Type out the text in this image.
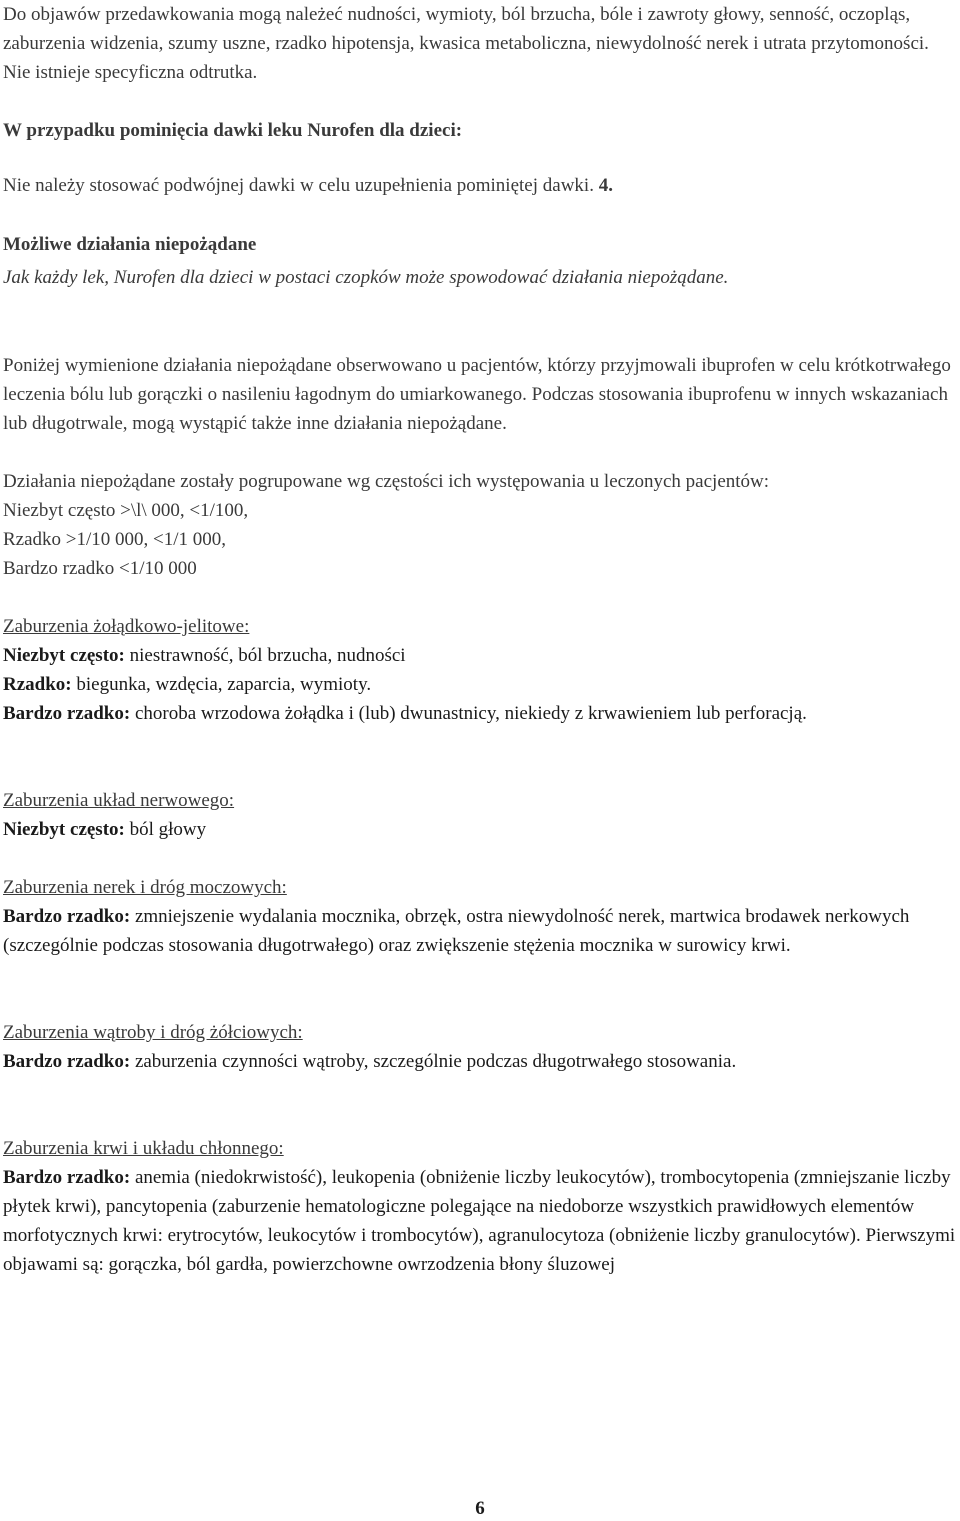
Do objawów przedawkowania mogą należeć nudności, wymioty, ból brzucha, bóle i zawroty głowy, senność, oczopląs, zaburzenia widzenia, szumy uszne, rzadko hipotensja, kwasica metaboliczna, niewydolność nerek i utrata przytomoności. Nie istnieje specyficzna odtrutka.

W przypadku pominięcia dawki leku Nurofen dla dzieci:

Nie należy stosować podwójnej dawki w celu uzupełnienia pominiętej dawki. 4.

Możliwe działania niepożądane

Jak każdy lek, Nurofen dla dzieci w postaci czopków może spowodować działania niepożądane.

Poniżej wymienione działania niepożądane obserwowano u pacjentów, którzy przyjmowali ibuprofen w celu krótkotrwałego leczenia bólu lub gorączki o nasileniu łagodnym do umiarkowanego. Podczas stosowania ibuprofenu w innych wskazaniach lub długotrwale, mogą wystąpić także inne działania niepożądane.

Działania niepożądane zostały pogrupowane wg częstości ich występowania u leczonych pacjentów:

Niezbyt często >\l\ 000, <1/100,

Rzadko >1/10 000, <1/1 000,

Bardzo rzadko <1/10 000

Zaburzenia żołądkowo-jelitowe:

Niezbyt często: niestrawność, ból brzucha, nudności

Rzadko: biegunka, wzdęcia, zaparcia, wymioty.

Bardzo rzadko: choroba wrzodowa żołądka i (lub) dwunastnicy, niekiedy z krwawieniem lub perforacją.

Zaburzenia układ nerwowego:

Niezbyt często: ból głowy

Zaburzenia nerek i dróg moczowych:

Bardzo rzadko: zmniejszenie wydalania mocznika, obrzęk, ostra niewydolność nerek, martwica brodawek nerkowych (szczególnie podczas stosowania długotrwałego) oraz zwiększenie stężenia mocznika w surowicy krwi.

Zaburzenia wątroby i dróg żółciowych:

Bardzo rzadko: zaburzenia czynności wątroby, szczególnie podczas długotrwałego stosowania.

Zaburzenia krwi i układu chłonnego:

Bardzo rzadko: anemia (niedokrwistość), leukopenia (obniżenie liczby leukocytów), trombocytopenia (zmniejszanie liczby płytek krwi), pancytopenia (zaburzenie hematologiczne polegające na niedoborze wszystkich prawidłowych elementów morfotycznych krwi: erytrocytów, leukocytów i trombocytów), agranulocytoza (obniżenie liczby granulocytów). Pierwszymi objawami są: gorączka, ból gardła, powierzchowne owrzodzenia błony śluzowej

6
